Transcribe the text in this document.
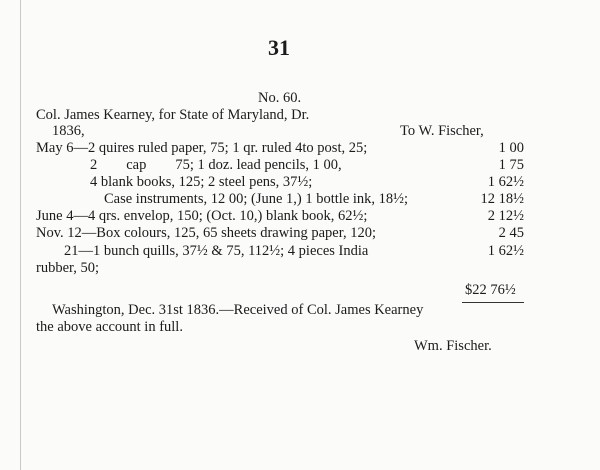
31
No. 60.
Col. James Kearney, for State of Maryland, Dr.
1836,	To W. Fischer,
May 6—2 quires ruled paper, 75; 1 qr. ruled 4to post, 25;	1 00
2        cap        75; 1 doz. lead pencils, 1 00,	1 75
4 blank books, 125; 2 steel pens, 37½;	1 62½
Case instruments, 12 00; (June 1,) 1 bottle ink, 18½;	12 18½
June 4—4 qrs. envelop, 150; (Oct. 10,) blank book, 62½;	2 12½
Nov. 12—Box colours, 125, 65 sheets drawing paper, 120;	2 45
21—1 bunch quills, 37½ & 75, 112½; 4 pieces India	1 62½
rubber, 50;
$22 76½
Washington, Dec. 31st 1836.—Received of Col. James Kearney
the above account in full.
Wm. Fischer.
